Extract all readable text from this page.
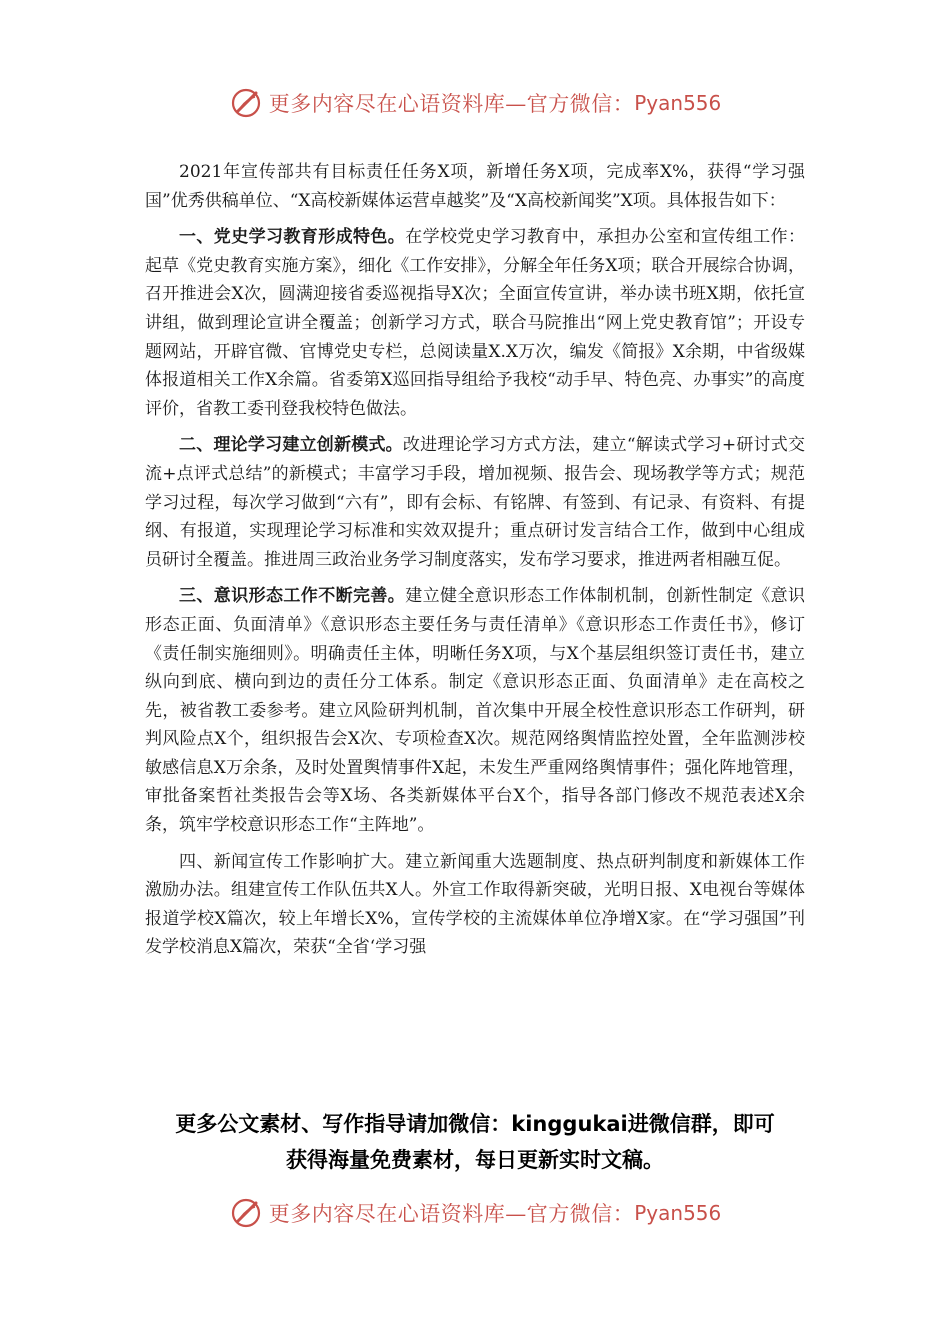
更多内容尽在心语资料库—官方微信： Pyan556

2021年宣传部共有目标责任任务X项，新增任务X项，完成率X%，获得“学习强国”优秀供稿单位、“X高校新媒体运营卓越奖”及“X高校新闻奖”X项。具体报告如下：

一、党史学习教育形成特色。在学校党史学习教育中，承担办公室和宣传组工作：起草《党史教育实施方案》，细化《工作安排》，分解全年任务X项；联合开展综合协调，召开推进会X次，圆满迎接省委巡视指导X次；全面宣传宣讲，举办读书班X期，依托宣讲组，做到理论宣讲全覆盖；创新学习方式，联合马院推出“网上党史教育馆”；开设专题网站，开辟官微、官博党史专栏，总阅读量X.X万次，编发《简报》X余期，中省级媒体报道相关工作X余篇。省委第X巡回指导组给予我校“动手早、特色亮、办事实”的高度评价，省教工委刊登我校特色做法。

二、理论学习建立创新模式。改进理论学习方式方法，建立“解读式学习+研讨式交流+点评式总结”的新模式；丰富学习手段，增加视频、报告会、现场教学等方式；规范学习过程，每次学习做到“六有”，即有会标、有铭牌、有签到、有记录、有资料、有提纲、有报道，实现理论学习标准和实效双提升；重点研讨发言结合工作，做到中心组成员研讨全覆盖。推进周三政治业务学习制度落实，发布学习要求，推进两者相融互促。

三、意识形态工作不断完善。建立健全意识形态工作体制机制，创新性制定《意识形态正面、负面清单》《意识形态主要任务与责任清单》《意识形态工作责任书》，修订《责任制实施细则》。明确责任主体，明晰任务X项，与X个基层组织签订责任书，建立纵向到底、横向到边的责任分工体系。制定《意识形态正面、负面清单》走在高校之先，被省教工委参考。建立风险研判机制，首次集中开展全校性意识形态工作研判，研判风险点X个，组织报告会X次、专项检查X次。规范网络舆情监控处置，全年监测涉校敏感信息X万余条，及时处置舆情事件X起，未发生严重网络舆情事件；强化阵地管理，审批备案哲社类报告会等X场、各类新媒体平台X个，指导各部门修改不规范表述X余条，筑牢学校意识形态工作“主阵地”。

四、新闻宣传工作影响扩大。建立新闻重大选题制度、热点研判制度和新媒体工作激励办法。组建宣传工作队伍共X人。外宣工作取得新突破，光明日报、X电视台等媒体报道学校X篇次，较上年增长X%，宣传学校的主流媒体单位净增X家。在“学习强国”刊发学校消息X篇次，荣获“全省‘学习强

更多公文素材、写作指导请加微信：kinggukai进微信群，即可
获得海量免费素材，每日更新实时文稿。
更多内容尽在心语资料库—官方微信： Pyan556
